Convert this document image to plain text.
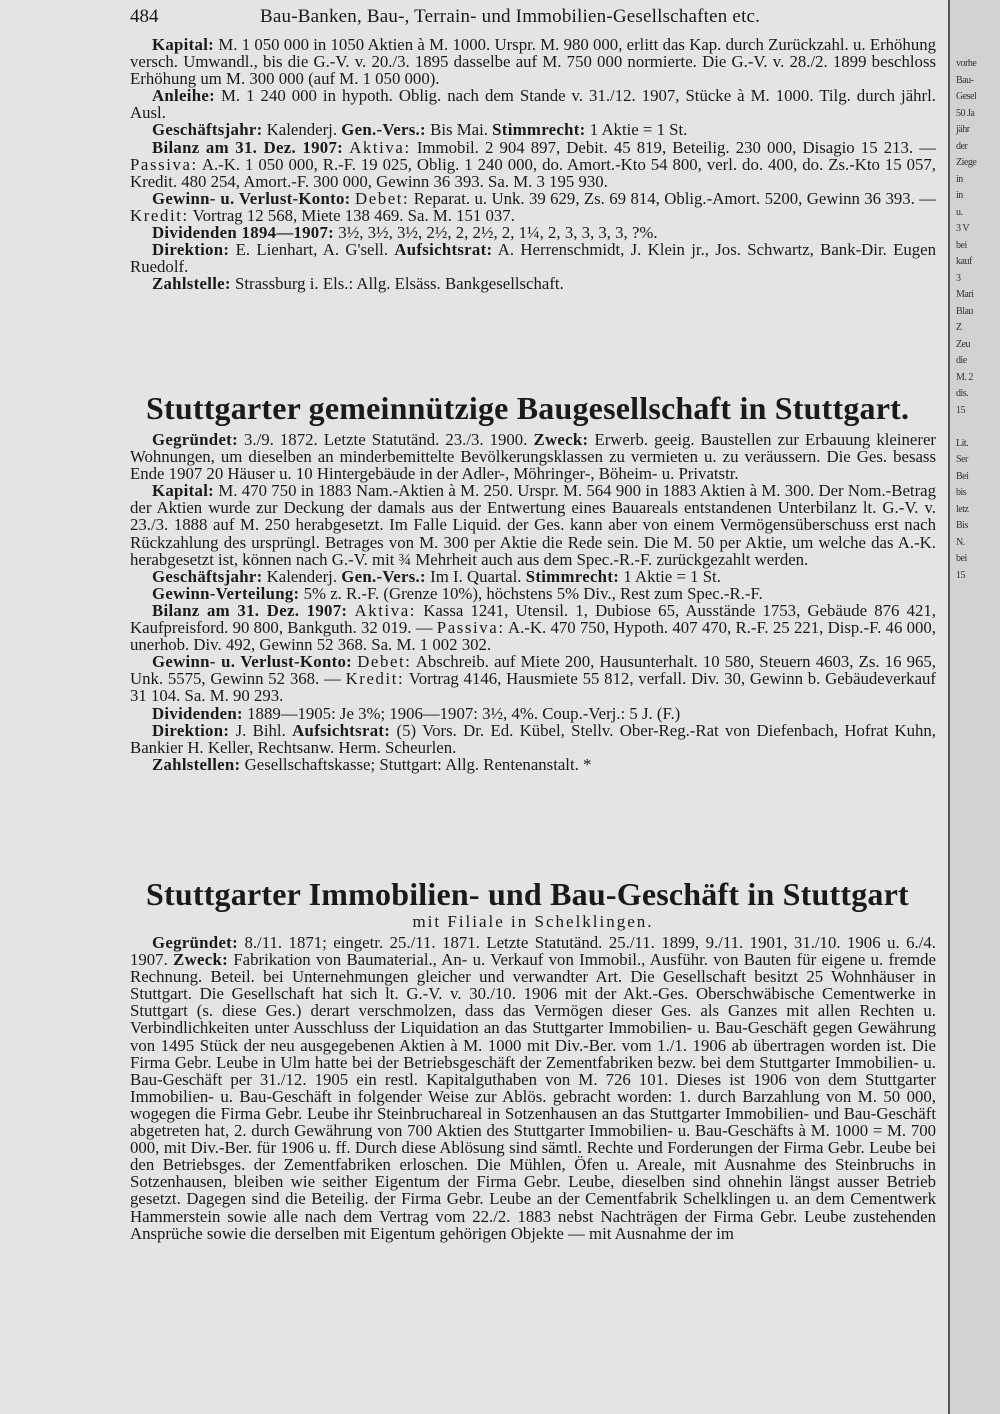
484	Bau-Banken, Bau-, Terrain- und Immobilien-Gesellschaften etc.

Kapital: M. 1 050 000 in 1050 Aktien à M. 1000. Urspr. M. 980 000, erlitt das Kap. durch Zurückzahl. u. Erhöhung versch. Umwandl., bis die G.-V. v. 20./3. 1895 dasselbe auf M. 750 000 normierte. Die G.-V. v. 28./2. 1899 beschloss Erhöhung um M. 300 000 (auf M. 1 050 000).

Anleihe: M. 1 240 000 in hypoth. Oblig. nach dem Stande v. 31./12. 1907, Stücke à M. 1000. Tilg. durch jährl. Ausl.

Geschäftsjahr: Kalenderj. Gen.-Vers.: Bis Mai. Stimmrecht: 1 Aktie = 1 St.

Bilanz am 31. Dez. 1907: Aktiva: Immobil. 2 904 897, Debit. 45 819, Beteilig. 230 000, Disagio 15 213. — Passiva: A.-K. 1 050 000, R.-F. 19 025, Oblig. 1 240 000, do. Amort.-Kto 54 800, verl. do. 400, do. Zs.-Kto 15 057, Kredit. 480 254, Amort.-F. 300 000, Gewinn 36 393. Sa. M. 3 195 930.

Gewinn- u. Verlust-Konto: Debet: Reparat. u. Unk. 39 629, Zs. 69 814, Oblig.-Amort. 5200, Gewinn 36 393. — Kredit: Vortrag 12 568, Miete 138 469. Sa. M. 151 037.

Dividenden 1894—1907: 3½, 3½, 3½, 2½, 2, 2½, 2, 1¼, 2, 3, 3, 3, 3, ?%.

Direktion: E. Lienhart, A. G'sell. Aufsichtsrat: A. Herrenschmidt, J. Klein jr., Jos. Schwartz, Bank-Dir. Eugen Ruedolf.

Zahlstelle: Strassburg i. Els.: Allg. Elsäss. Bankgesellschaft.

Stuttgarter gemeinnützige Baugesellschaft in Stuttgart.

Gegründet: 3./9. 1872. Letzte Statutänd. 23./3. 1900. Zweck: Erwerb. geeig. Baustellen zur Erbauung kleinerer Wohnungen, um dieselben an minderbemittelte Bevölkerungsklassen zu vermieten u. zu veräussern. Die Ges. besass Ende 1907 20 Häuser u. 10 Hintergebäude in der Adler-, Möhringer-, Böheim- u. Privatstr.

Kapital: M. 470 750 in 1883 Nam.-Aktien à M. 250. Urspr. M. 564 900 in 1883 Aktien à M. 300. Der Nom.-Betrag der Aktien wurde zur Deckung der damals aus der Entwertung eines Bauareals entstandenen Unterbilanz lt. G.-V. v. 23./3. 1888 auf M. 250 herabgesetzt. Im Falle Liquid. der Ges. kann aber von einem Vermögensüberschuss erst nach Rückzahlung des ursprüngl. Betrages von M. 300 per Aktie die Rede sein. Die M. 50 per Aktie, um welche das A.-K. herabgesetzt ist, können nach G.-V. mit ¾ Mehrheit auch aus dem Spec.-R.-F. zurückgezahlt werden.

Geschäftsjahr: Kalenderj. Gen.-Vers.: Im I. Quartal. Stimmrecht: 1 Aktie = 1 St.

Gewinn-Verteilung: 5% z. R.-F. (Grenze 10%), höchstens 5% Div., Rest zum Spec.-R.-F.

Bilanz am 31. Dez. 1907: Aktiva: Kassa 1241, Utensil. 1, Dubiose 65, Ausstände 1753, Gebäude 876 421, Kaufpreisford. 90 800, Bankguth. 32 019. — Passiva: A.-K. 470 750, Hypoth. 407 470, R.-F. 25 221, Disp.-F. 46 000, unerhob. Div. 492, Gewinn 52 368. Sa. M. 1 002 302.

Gewinn- u. Verlust-Konto: Debet: Abschreib. auf Miete 200, Hausunterhalt. 10 580, Steuern 4603, Zs. 16 965, Unk. 5575, Gewinn 52 368. — Kredit: Vortrag 4146, Hausmiete 55 812, verfall. Div. 30, Gewinn b. Gebäudeverkauf 31 104. Sa. M. 90 293.

Dividenden: 1889—1905: Je 3%; 1906—1907: 3½, 4%. Coup.-Verj.: 5 J. (F.)

Direktion: J. Bihl. Aufsichtsrat: (5) Vors. Dr. Ed. Kübel, Stellv. Ober-Reg.-Rat von Diefenbach, Hofrat Kuhn, Bankier H. Keller, Rechtsanw. Herm. Scheurlen.

Zahlstellen: Gesellschaftskasse; Stuttgart: Allg. Rentenanstalt. *

Stuttgarter Immobilien- und Bau-Geschäft in Stuttgart
mit Filiale in Schelklingen.

Gegründet: 8./11. 1871; eingetr. 25./11. 1871. Letzte Statutänd. 25./11. 1899, 9./11. 1901, 31./10. 1906 u. 6./4. 1907. Zweck: Fabrikation von Baumaterial., An- u. Verkauf von Immobil., Ausführ. von Bauten für eigene u. fremde Rechnung. Beteil. bei Unternehmungen gleicher und verwandter Art. Die Gesellschaft besitzt 25 Wohnhäuser in Stuttgart. Die Gesellschaft hat sich lt. G.-V. v. 30./10. 1906 mit der Akt.-Ges. Oberschwäbische Cementwerke in Stuttgart (s. diese Ges.) derart verschmolzen, dass das Vermögen dieser Ges. als Ganzes mit allen Rechten u. Verbindlichkeiten unter Ausschluss der Liquidation an das Stuttgarter Immobilien- u. Bau-Geschäft gegen Gewährung von 1495 Stück der neu ausgegebenen Aktien à M. 1000 mit Div.-Ber. vom 1./1. 1906 ab übertragen worden ist. Die Firma Gebr. Leube in Ulm hatte bei der Betriebsgeschäft der Zementfabriken bezw. bei dem Stuttgarter Immobilien- u. Bau-Geschäft per 31./12. 1905 ein restl. Kapitalguthaben von M. 726 101. Dieses ist 1906 von dem Stuttgarter Immobilien- u. Bau-Geschäft in folgender Weise zur Ablös. gebracht worden: 1. durch Barzahlung von M. 50 000, wogegen die Firma Gebr. Leube ihr Steinbruchareal in Sotzenhausen an das Stuttgarter Immobilien- und Bau-Geschäft abgetreten hat, 2. durch Gewährung von 700 Aktien des Stuttgarter Immobilien- u. Bau-Geschäfts à M. 1000 = M. 700 000, mit Div.-Ber. für 1906 u. ff. Durch diese Ablösung sind sämtl. Rechte und Forderungen der Firma Gebr. Leube bei den Betriebsges. der Zementfabriken erloschen. Die Mühlen, Öfen u. Areale, mit Ausnahme des Steinbruchs in Sotzenhausen, bleiben wie seither Eigentum der Firma Gebr. Leube, dieselben sind ohnehin längst ausser Betrieb gesetzt. Dagegen sind die Beteilig. der Firma Gebr. Leube an der Cementfabrik Schelklingen u. an dem Cementwerk Hammerstein sowie alle nach dem Vertrag vom 22./2. 1883 nebst Nachträgen der Firma Gebr. Leube zustehenden Ansprüche sowie die derselben mit Eigentum gehörigen Objekte — mit Ausnahme der im

vorhe
Bau-
Gesel
50 Ja
jähr
der
Ziege
in
in
u.
3 V
bei
kauf
3
Mari
Blau
Z
Zeu
die
M. 2
dis.
15

Lit.
Ser
Bei
bis
letz
Bis
N.
bei
15
